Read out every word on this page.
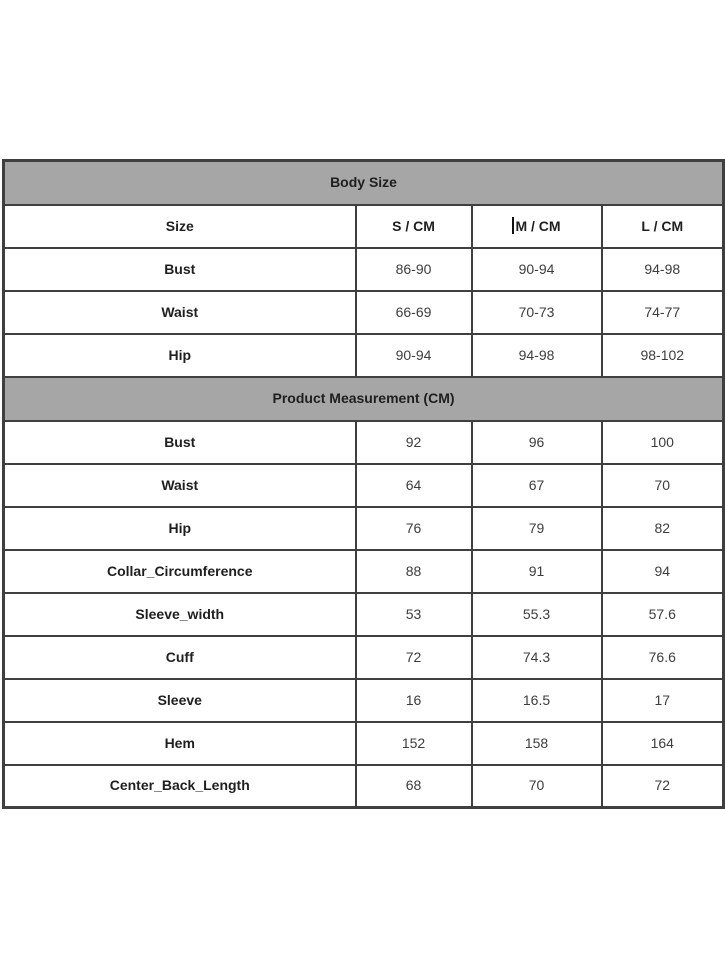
Body Size			
Size	S / CM	M / CM	L / CM
Bust	86-90	90-94	94-98
Waist	66-69	70-73	74-77
Hip	90-94	94-98	98-102
Product Measurement (CM)			
Bust	92	96	100
Waist	64	67	70
Hip	76	79	82
Collar_Circumference	88	91	94
Sleeve_width	53	55.3	57.6
Cuff	72	74.3	76.6
Sleeve	16	16.5	17
Hem	152	158	164
Center_Back_Length	68	70	72
